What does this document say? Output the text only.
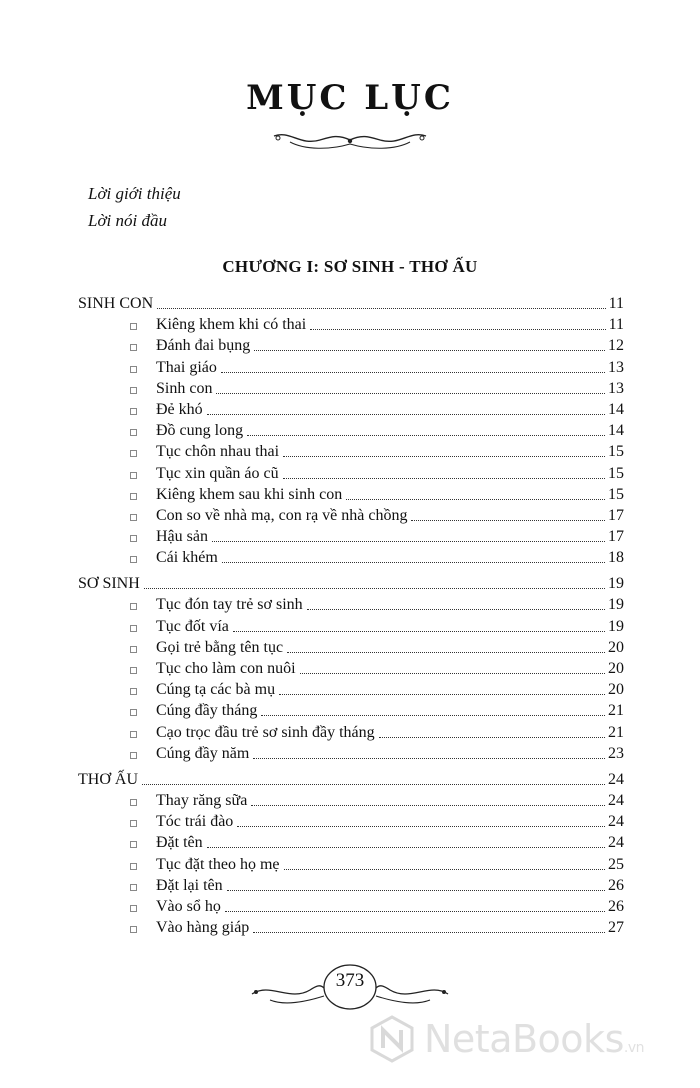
MỤC LỤC
Lời giới thiệu
Lời nói đầu
CHƯƠNG I: SƠ SINH - THƠ ẤU
SINH CON	11
Kiêng khem khi có thai	11
Đánh đai bụng	12
Thai giáo	13
Sinh con	13
Đẻ khó	14
Đồ cung long	14
Tục chôn nhau thai	15
Tục xin quần áo cũ	15
Kiêng khem sau khi sinh con	15
Con so về nhà mạ, con rạ về nhà chồng	17
Hậu sản	17
Cái khém	18
SƠ SINH	19
Tục đón tay trẻ sơ sinh	19
Tục đốt vía	19
Gọi trẻ bằng tên tục	20
Tục cho làm con nuôi	20
Cúng tạ các bà mụ	20
Cúng đầy tháng	21
Cạo trọc đầu trẻ sơ sinh đầy tháng	21
Cúng đầy năm	23
THƠ ẤU	24
Thay răng sữa	24
Tóc trái đào	24
Đặt tên	24
Tục đặt theo họ mẹ	25
Đặt lại tên	26
Vào sổ họ	26
Vào hàng giáp	27
373
NetaBooks.vn
